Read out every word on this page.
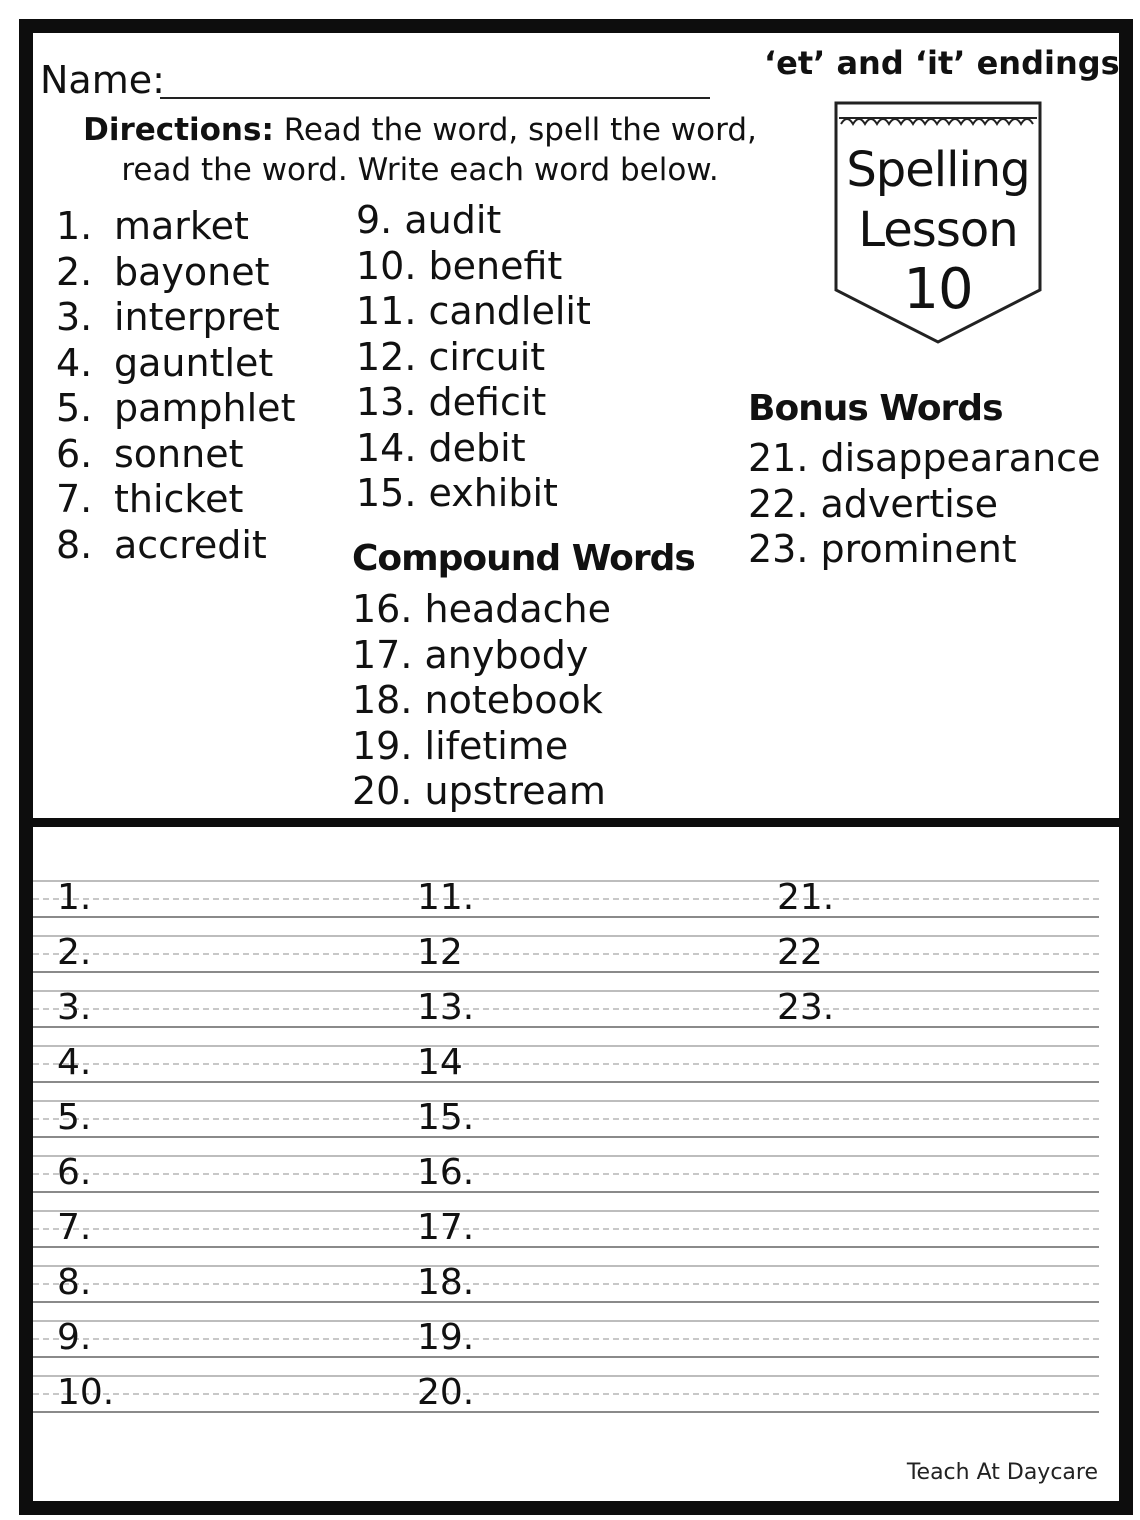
Name:	‘et’ and ‘it’ endings
Directions: Read the word, spell the word, read the word. Write each word below.	Spelling
Lesson
10
1. market
2. bayonet
3. interpret
4. gauntlet
5. pamphlet
6. sonnet
7. thicket
8. accredit
9. audit
10. benefit
11. candlelit
12. circuit
13. deficit
14. debit
15. exhibit
Compound Words
16. headache
17. anybody
18. notebook
19. lifetime
20. upstream
Bonus Words
21. disappearance
22. advertise
23. prominent
1.	11.	21.
2.	12	22
3.	13.	23.
4.	14
5.	15.
6.	16.
7.	17.
8.	18.
9.	19.
10.	20.
Teach At Daycare
